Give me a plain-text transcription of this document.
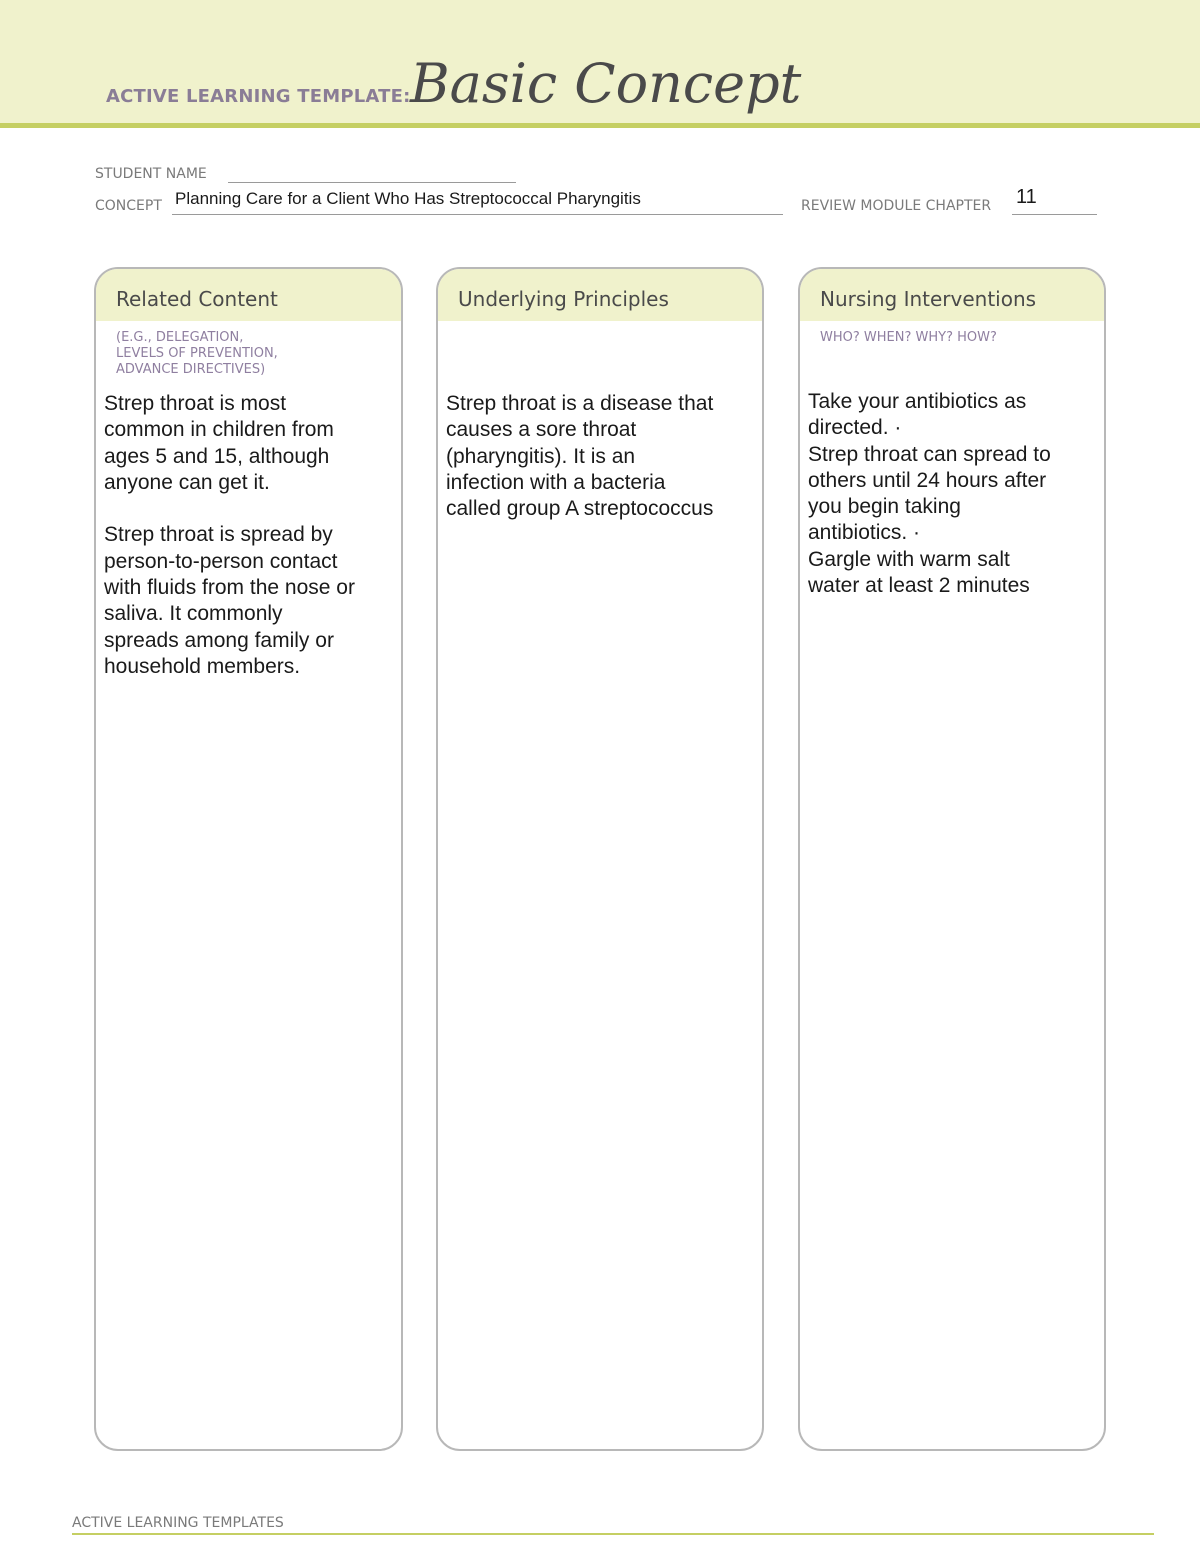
ACTIVE LEARNING TEMPLATE: Basic Concept
STUDENT NAME
CONCEPT Planning Care for a Client Who Has Streptococcal Pharyngitis	REVIEW MODULE CHAPTER 11
Related Content
(E.G., DELEGATION,
LEVELS OF PREVENTION,
ADVANCE DIRECTIVES)

Strep throat is most
common in children from
ages 5 and 15, although
anyone can get it.

Strep throat is spread by
person-to-person contact
with fluids from the nose or
saliva. It commonly
spreads among family or
household members.

Underlying Principles

Strep throat is a disease that
causes a sore throat
(pharyngitis). It is an
infection with a bacteria
called group A streptococcus

Nursing Interventions
WHO? WHEN? WHY? HOW?

Take your antibiotics as
directed. ·
Strep throat can spread to
others until 24 hours after
you begin taking
antibiotics. ·
Gargle with warm salt
water at least 2 minutes

ACTIVE LEARNING TEMPLATES
